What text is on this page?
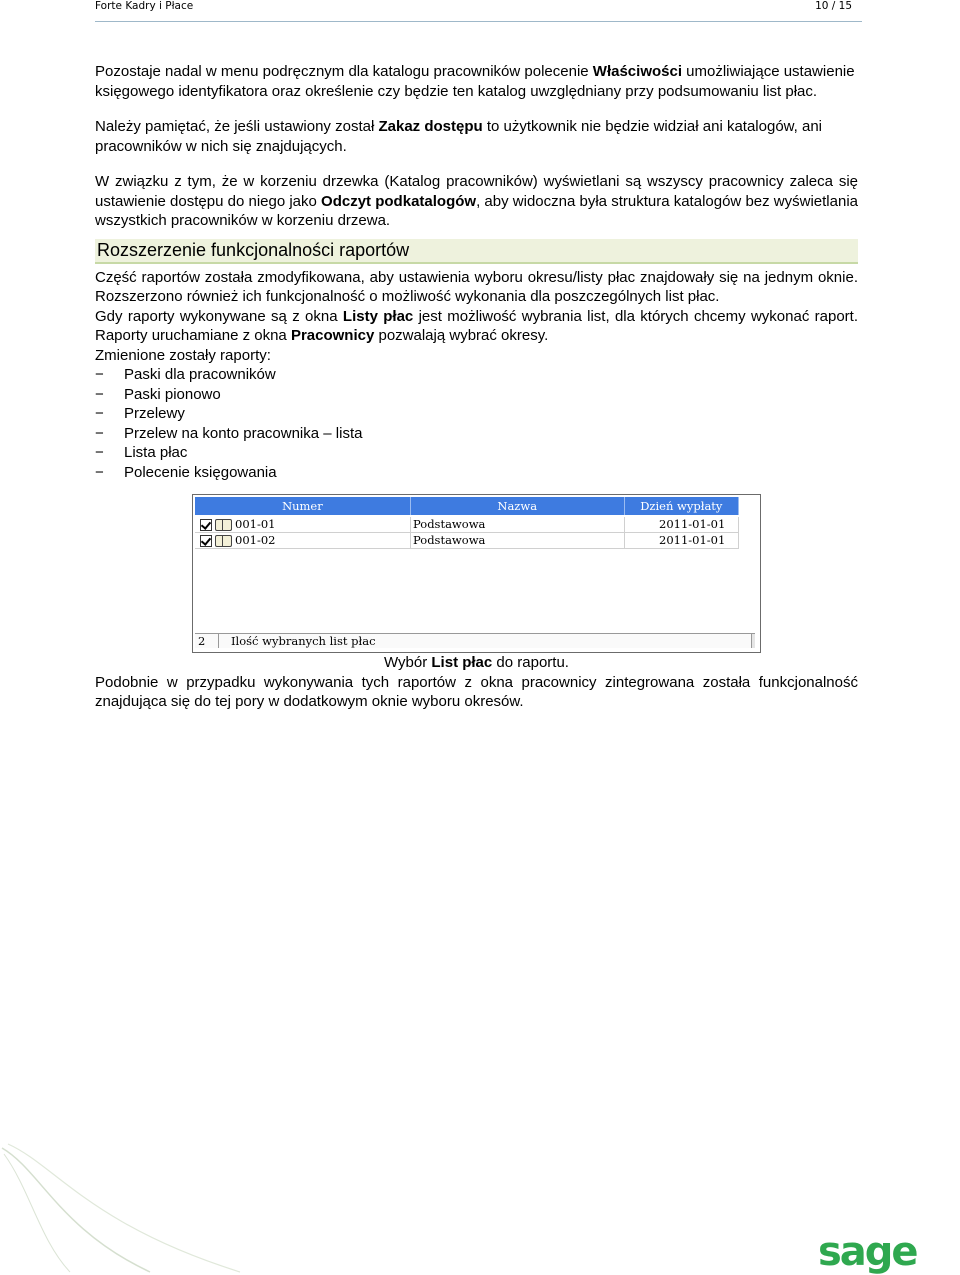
Forte Kadry i Płace	10 / 15

Pozostaje nadal w menu podręcznym dla katalogu pracowników polecenie Właściwości umożliwiające ustawienie księgowego identyfikatora oraz określenie czy będzie ten katalog uwzględniany przy podsumowaniu list płac.

Należy pamiętać, że jeśli ustawiony został Zakaz dostępu to użytkownik nie będzie widział ani katalogów, ani pracowników w nich się znajdujących.

W związku z tym, że w korzeniu drzewka (Katalog pracowników) wyświetlani są wszyscy pracownicy zaleca się ustawienie dostępu do niego jako Odczyt podkatalogów, aby widoczna była struktura katalogów bez wyświetlania wszystkich pracowników w korzeniu drzewa.

Rozszerzenie funkcjonalności raportów

Część raportów została zmodyfikowana, aby ustawienia wyboru okresu/listy płac znajdowały się na jednym oknie. Rozszerzono również ich funkcjonalność o możliwość wykonania dla poszczególnych list płac.

Gdy raporty wykonywane są z okna Listy płac jest możliwość wybrania list, dla których chcemy wykonać raport. Raporty uruchamiane z okna Pracownicy pozwalają wybrać okresy.

Zmienione zostały raporty:

− Paski dla pracowników
− Paski pionowo
− Przelewy
− Przelew na konto pracownika – lista
− Lista płac
− Polecenie księgowania
Numer	Nazwa	Dzień wypłaty
001-01	Podstawowa	2011-01-01
001-02	Podstawowa	2011-01-01
2	Ilość wybranych list płac

Wybór List płac do raportu.

Podobnie w przypadku wykonywania tych raportów z okna pracownicy zintegrowana została funkcjonalność znajdująca się do tej pory w dodatkowym oknie wyboru okresów.

sage
